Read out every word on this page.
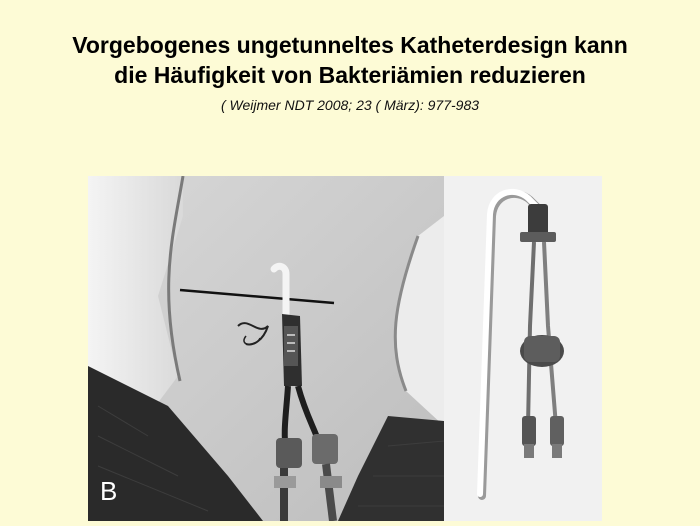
Vorgebogenes ungetunneltes Katheterdesign kann
die Häufigkeit von Bakteriämien reduzieren

( Weijmer NDT 2008; 23 ( März): 977-983

B
